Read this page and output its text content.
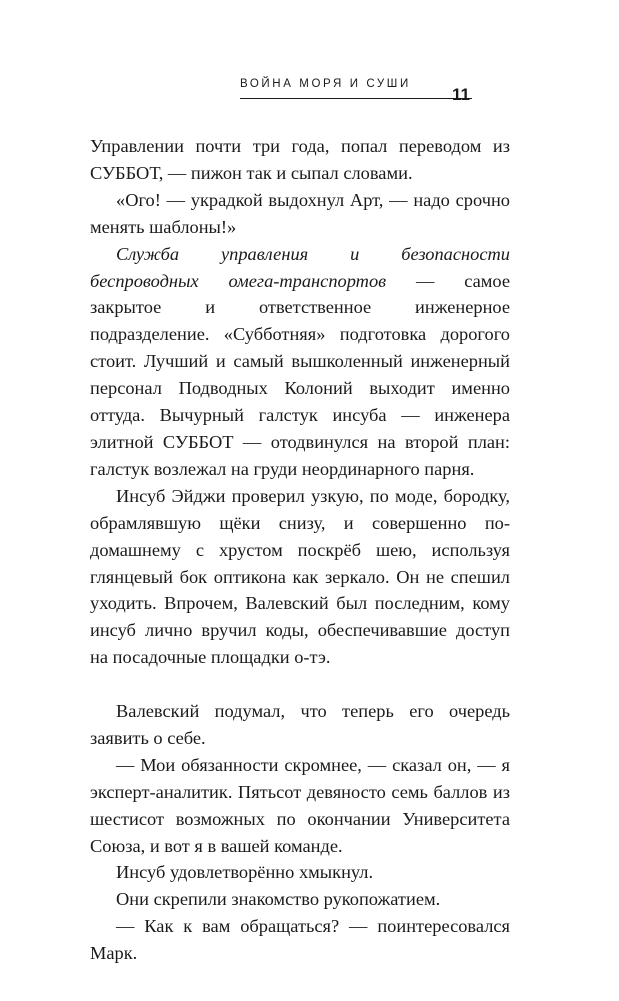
ВОЙНА МОРЯ И СУШИ
11

Управлении почти три года, попал переводом из СУББОТ, — пижон так и сыпал словами.

«Ого! — украдкой выдохнул Арт, — надо срочно менять шаблоны!»

Служба управления и безопасности беспроводных омега-транспортов — самое закрытое и ответственное инженерное подразделение. «Субботняя» подготовка дорогого стоит. Лучший и самый вышколенный инженерный персонал Подводных Колоний выходит именно оттуда. Вычурный галстук инсуба — инженера элитной СУББОТ — отодвинулся на второй план: галстук возлежал на груди неординарного парня.

Инсуб Эйджи проверил узкую, по моде, бородку, обрамлявшую щёки снизу, и совершенно по-домашнему с хрустом поскрёб шею, используя глянцевый бок оптикона как зеркало. Он не спешил уходить. Впрочем, Валевский был последним, кому инсуб лично вручил коды, обеспечивавшие доступ на посадочные площадки о-тэ.

Валевский подумал, что теперь его очередь заявить о себе.

— Мои обязанности скромнее, — сказал он, — я эксперт-аналитик. Пятьсот девяносто семь баллов из шестисот возможных по окончании Университета Союза, и вот я в вашей команде.

Инсуб удовлетворённо хмыкнул.

Они скрепили знакомство рукопожатием.

— Как к вам обращаться? — поинтересовался Марк.
